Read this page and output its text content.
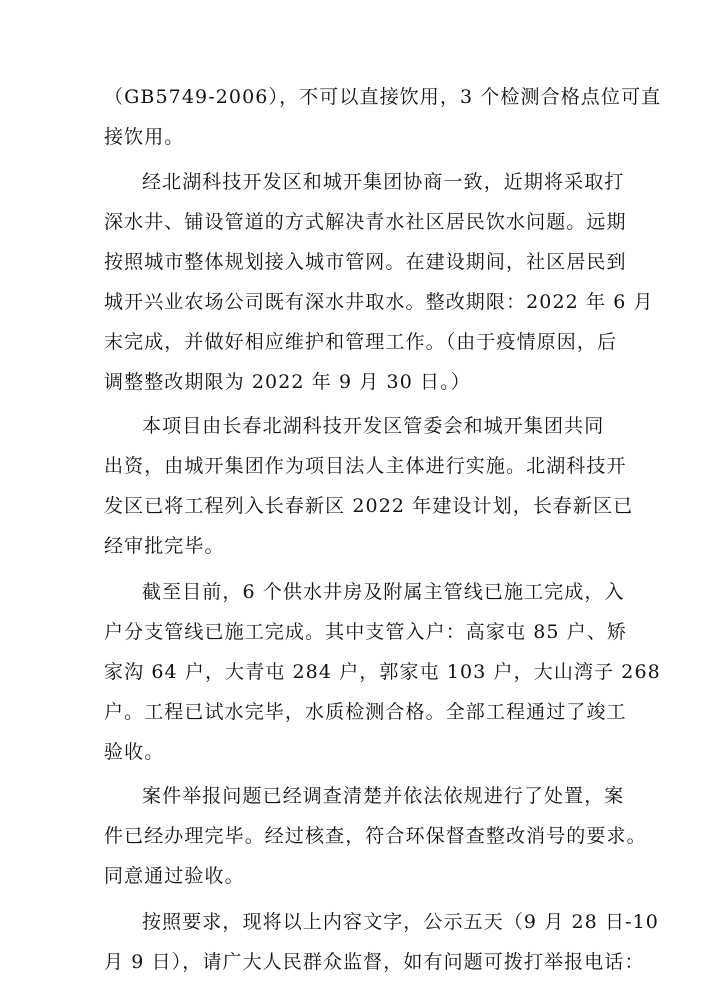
（GB5749-2006），不可以直接饮用，3 个检测合格点位可直
接饮用。
经北湖科技开发区和城开集团协商一致，近期将采取打
深水井、铺设管道的方式解决青水社区居民饮水问题。远期
按照城市整体规划接入城市管网。在建设期间，社区居民到
城开兴业农场公司既有深水井取水。整改期限：2022 年 6 月
末完成，并做好相应维护和管理工作。（由于疫情原因，后
调整整改期限为 2022 年 9 月 30 日。）
本项目由长春北湖科技开发区管委会和城开集团共同
出资，由城开集团作为项目法人主体进行实施。北湖科技开
发区已将工程列入长春新区 2022 年建设计划，长春新区已
经审批完毕。
截至目前，6 个供水井房及附属主管线已施工完成，入
户分支管线已施工完成。其中支管入户：高家屯 85 户、矫
家沟 64 户，大青屯 284 户，郭家屯 103 户，大山湾子 268
户。工程已试水完毕，水质检测合格。全部工程通过了竣工
验收。
案件举报问题已经调查清楚并依法依规进行了处置，案
件已经办理完毕。经过核查，符合环保督查整改消号的要求。
同意通过验收。
按照要求，现将以上内容文字，公示五天（9 月 28 日-10
月 9 日），请广大人民群众监督，如有问题可拨打举报电话：
